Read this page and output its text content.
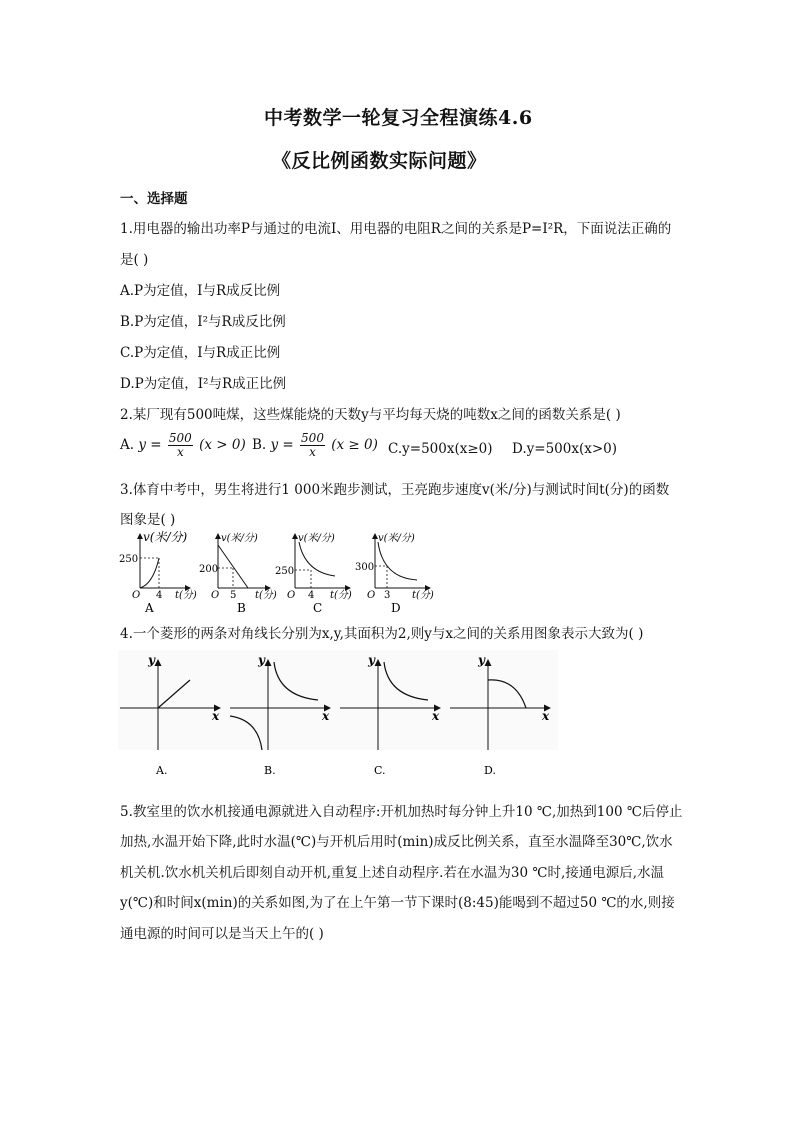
中考数学一轮复习全程演练4.6
《反比例函数实际问题》
一、选择题
1.用电器的输出功率P与通过的电流I、用电器的电阻R之间的关系是P=I²R，下面说法正确的
是( )
A.P为定值，I与R成反比例
B.P为定值，I²与R成反比例
C.P为定值，I与R成正比例
D.P为定值，I²与R成正比例
2.某厂现有500吨煤，这些煤能烧的天数y与平均每天烧的吨数x之间的函数关系是( )
A. $y = \frac{500}{x} (x > 0)$ B. $y = \frac{500}{x} (x \ge 0)$ C.y=500x(x≥0) D.y=500x(x>0)
3.体育中考中，男生将进行1 000米跑步测试，王亮跑步速度v(米/分)与测试时间t(分)的函数
图象是( )
v(米/分)
250
4
O	t(分)
A
v(米/分)
200
5
O	t(分)
B
v(米/分)
250
4
O	t(分)
C
v(米/分)
300
3
O	t(分)
D
4.一个菱形的两条对角线长分别为x,y,其面积为2,则y与x之间的关系用图象表示大致为( )
y
x
A.
y
x
B.
y
x
C.
y
x
D.
5.教室里的饮水机接通电源就进入自动程序:开机加热时每分钟上升10 ℃,加热到100 ℃后停止
加热,水温开始下降,此时水温(℃)与开机后用时(min)成反比例关系，直至水温降至30℃,饮水
机关机.饮水机关机后即刻自动开机,重复上述自动程序.若在水温为30 ℃时,接通电源后,水温
y(℃)和时间x(min)的关系如图,为了在上午第一节下课时(8:45)能喝到不超过50 ℃的水,则接
通电源的时间可以是当天上午的( )
